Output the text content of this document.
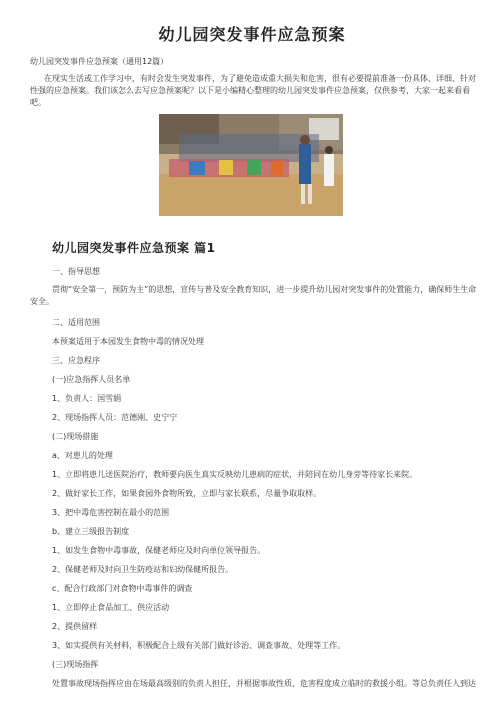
幼儿园突发事件应急预案

幼儿园突发事件应急预案（通用12篇）

在现实生活或工作学习中，有时会发生突发事件，为了避免造成重大损失和危害，很有必要提前准备一份具体、详细、针对性强的应急预案。我们该怎么去写应急预案呢？以下是小编精心整理的幼儿园突发事件应急预案，仅供参考，大家一起来看看吧。

幼儿园突发事件应急预案 篇1

一、指导思想

贯彻“安全第一，预防为主”的思想，宣传与普及安全教育知识，进一步提升幼儿园对突发事件的处置能力，确保师生生命安全。

二、适用范围

本预案适用于本园发生食物中毒的情况处理

三、应急程序

(一)应急指挥人员名单

1、负责人：国雪娟

2、现场指挥人员：范德刚、史宁宁

(二)现场措施

a、对患儿的处理

1、立即将患儿送医院治疗，教师要向医生真实反映幼儿患病的症状，并陪同在幼儿身旁等待家长来院。

2、做好家长工作，如果食园外食物所致，立即与家长联系，尽量争取取样。

3、把中毒危害控制在最小的范围

b、建立三级报告制度

1、如发生食物中毒事故，保健老师应及时向单位领导报告。

2、保健老师及时向卫生防疫站和妇幼保健所报告。

c、配合行政部门对食物中毒事件的调查

1、立即停止食品加工、供应活动

2、提供留样

3、如实提供有关材料，积极配合上级有关部门做好诊治、调查事故、处理等工作。

(三)现场指挥

处置事故现场指挥应由在场最高级别的负责人担任，并根据事故性质、危害程度成立临时的救援小组。等总负责任人到达
